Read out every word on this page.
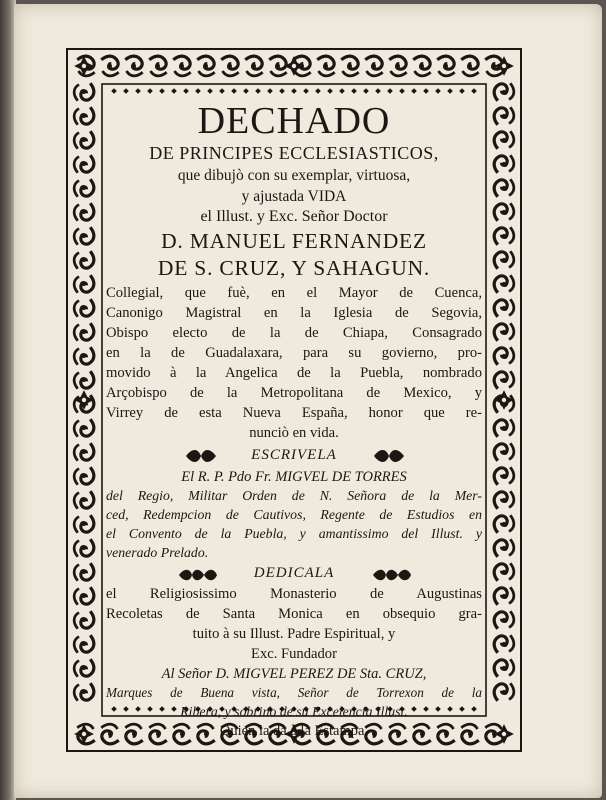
DECHADO
DE PRINCIPES ECCLESIASTICOS,
que dibujò con su exemplar, virtuosa,
y ajustada VIDA
el Illust. y Exc. Señor Doctor
D. MANUEL FERNANDEZ
DE S. CRUZ, Y SAHAGUN.
Collegial, que fuè, en el Mayor de Cuenca,
Canonigo Magistral en la Iglesia de Segovia,
Obispo electo de la de Chiapa, Consagrado
en la de Guadalaxara, para su govierno, pro-
movido à la Angelica de la Puebla, nombrado
Arçobispo de la Metropolitana de Mexico, y
Virrey de esta Nueva España, honor que re-
nunciò en vida.
ESCRIVELA
El R. P. Pdo Fr. MIGVEL DE TORRES
del Regio, Militar Orden de N. Señora de la Mer-
ced, Redempcion de Cautivos, Regente de Estudios en
el Convento de la Puebla, y amantissimo del Illust. y
venerado Prelado.
DEDICALA
el Religiosissimo Monasterio de Augustinas
Recoletas de Santa Monica en obsequio gra-
tuito à su Illust. Padre Espiritual, y
Exc. Fundador
Al Señor D. MIGVEL PEREZ DE Sta. CRUZ,
Marques de Buena vista, Señor de Torrexon de la
Ribera, y sobrino de su Excelencia Illust.
Quien la da à la Estampa.
